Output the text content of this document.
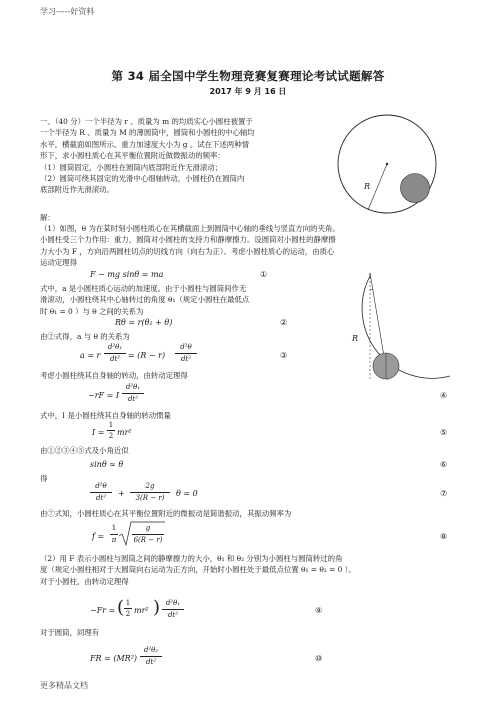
学习-----好资料
第 34 届全国中学生物理竞赛复赛理论考试试题解答
2017 年 9 月 16 日
一、（40 分）一个半径为 r 、质量为 m 的均质实心小圆柱被置于
一个半径为 R 、质量为 M 的薄圆筒中，圆筒和小圆柱的中心轴均
水平，横截面如图所示。重力加速度大小为 g 。试在下述两种情
形下，求小圆柱质心在其平衡位置附近做微振动的频率：
（1）圆筒固定，小圆柱在圆筒内底部附近作无滑滚动；
（2）圆筒可绕其固定的光滑中心细轴转动，小圆柱仍在圆筒内
底部附近作无滑滚动。	R
解：
（1）如图，θ 为在某时刻小圆柱质心在其横截面上到圆筒中心轴的垂线与竖直方向的夹角。
小圆柱受三个力作用：重力，圆筒对小圆柱的支持力和静摩擦力。设圆筒对小圆柱的静摩擦
力大小为 F ，方向沿两圆柱切点的切线方向（向右为正）。考虑小圆柱质心的运动，由质心
运动定理得
F − mg sinθ = ma	①
式中，a 是小圆柱质心运动的加速度。由于小圆柱与圆筒间作无
滑滚动，小圆柱绕其中心轴转过的角度 θ₁（规定小圆柱在最低点
时 θ₁ = 0 ）与 θ 之间的关系为
R
Rθ = r(θ₁ + θ)	②
由②式得，a 与 θ 的关系为
a = r
d²θ₁
dt² = (R − r)
d²θ
dt²	③
考虑小圆柱绕其自身轴的转动，由转动定理得
−rF = I
d²θ₁
dt²	④
式中，I 是小圆柱绕其自身轴的转动惯量
I =
1
2 mr²	⑤
由①②③④⑤式及小角近似
sinθ ≈ θ	⑥
得
d²θ
dt²	+
2g
3(R − r)	θ = 0	⑦
由⑦式知，小圆柱质心在其平衡位置附近的微振动是简谐振动，其振动频率为
f =
1
π
g
6(R − r)	⑧
（2）用 F 表示小圆柱与圆筒之间的静摩擦力的大小，θ₁ 和 θ₂ 分别为小圆柱与圆筒转过的角
度（规定小圆柱相对于大圆筒向右运动为正方向，开始时小圆柱处于最低点位置 θ₁ = θ₂ = 0 ）。
对于小圆柱，由转动定理得
−Fr = ( 1
2 mr² ) d²θ₁
dt²	⑨
对于圆筒，同理有
FR = (MR²)
d²θ₂
dt²	⑩
更多精品文档
